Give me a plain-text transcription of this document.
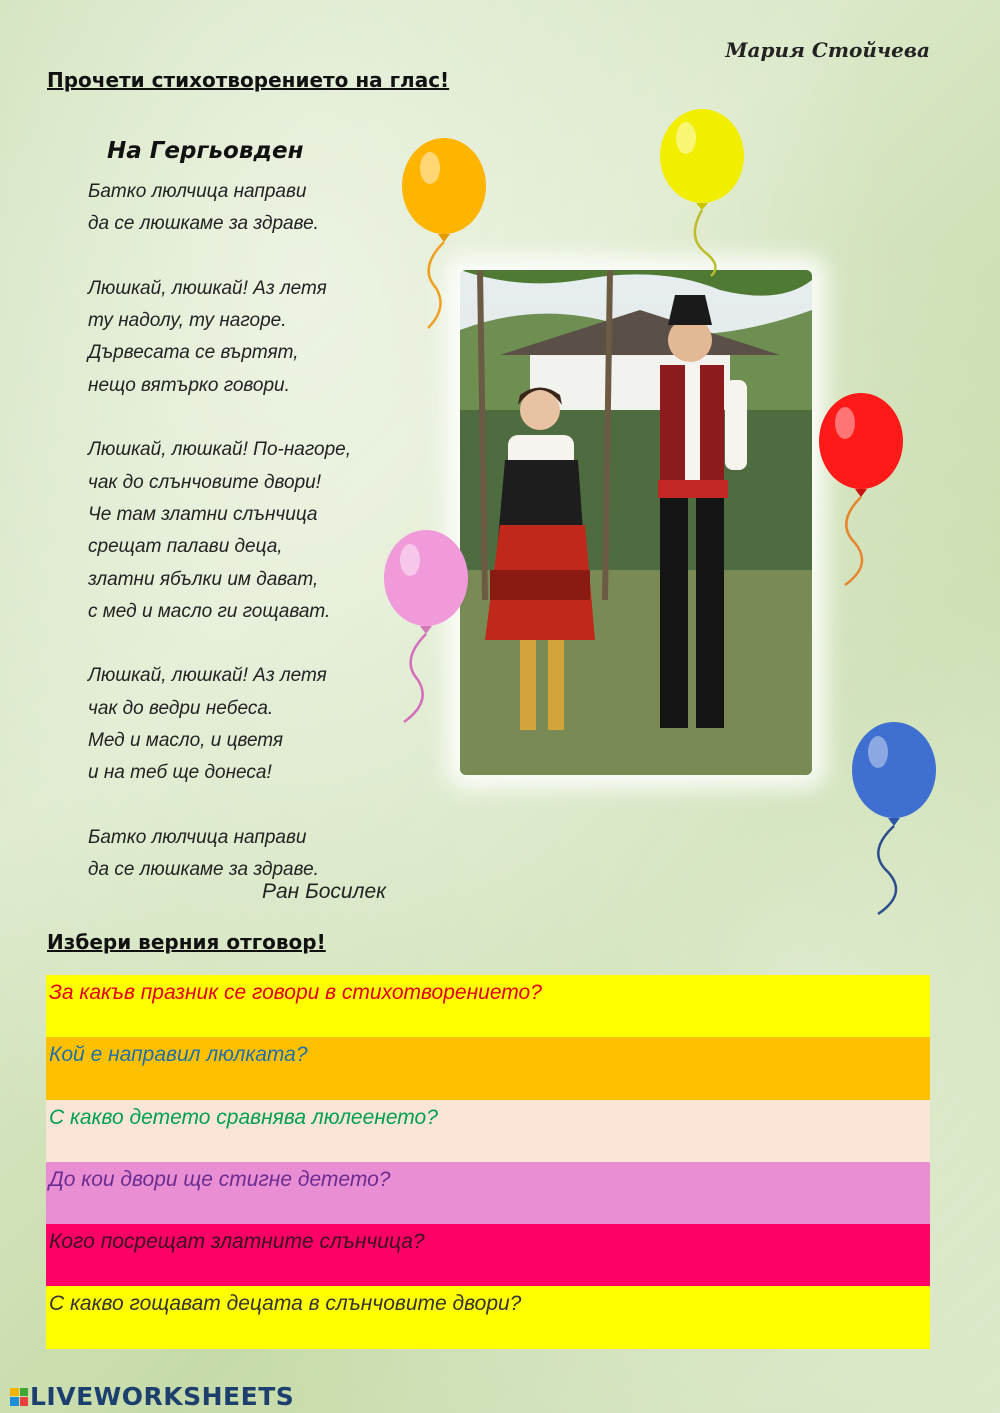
Мария Стойчева
Прочети стихотворението на глас!
На Гергьовден
Батко люлчица направи
да се люшкаме за здраве.
Люшкай, люшкай! Аз летя
ту надолу, ту нагоре.
Дървесата се въртят,
нещо вятърко говори.
Люшкай, люшкай! По-нагоре,
чак до слънчовите двори!
Че там златни слънчица
срещат палави деца,
златни ябълки им дават,
с мед и масло ги гощават.
Люшкай, люшкай! Аз летя
чак до ведри небеса.
Мед и масло, и цветя
и на теб ще донеса!
Батко люлчица направи
да се люшкаме за здраве.
Ран Босилек
Избери верния отговор!
За какъв празник се говори в стихотворението?
Кой е направил люлката?
С какво детето сравнява люлеенето?
До кои двори ще стигне детето?
Кого посрещат златните слънчица?
С какво гощават децата в слънчовите двори?
LIVEWORKSHEETS
